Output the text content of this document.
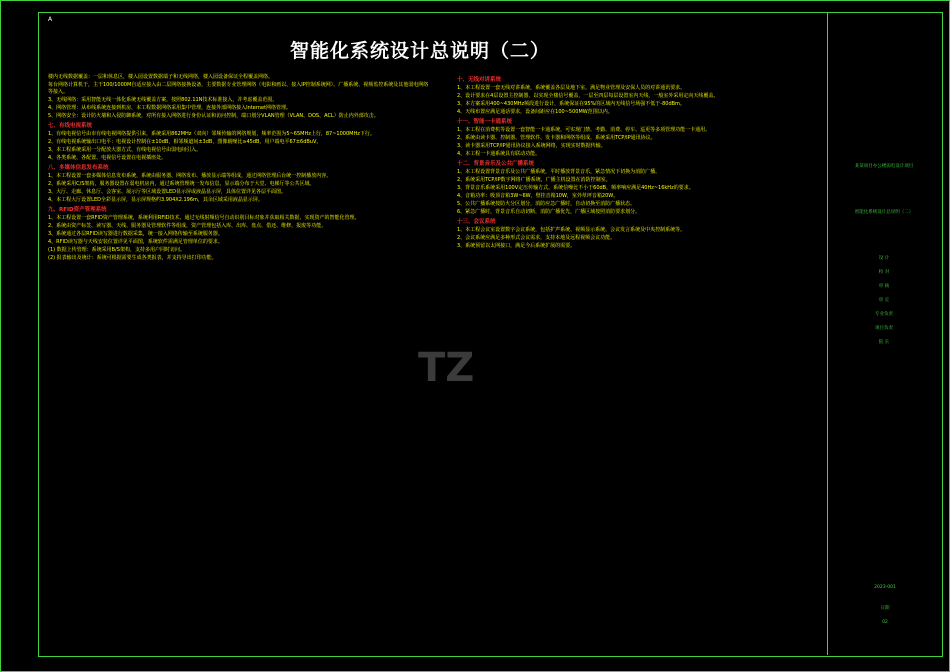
A
智能化系统设计总说明（二）
楼内无线数据覆盖：一层和休息区，楼入园设置数据端子和无线网络，楼入园设备保证全程覆盖网络。
每台网络计算机于，主干100/1000M自适应接入由二层网络接换设备，主要数据专业管理网络（电影和画以、接入IP控制系统网）、广播系统、视频监控系统及其他弱电网络等接入。
3、无线网络：采用智能无线一体化系统无线覆盖方案，按照802.11N技术标准接入，并考虑覆盖范围。
4、网络管理：从布线系统连接到机房，本工程数据网络采用集中管理，连接外部网络接入Internet网络管理。
5、网络安全：设计防火墙和入侵防御系统，对所有接入网络进行身份认证和访问控制，端口划分VLAN管理（VLAN、DOS、ACL）防止内外部攻击。
七、有线电视系统
1、有线电视信号由市有线电视网络提供引来，系统采用862MHz（双向）邻频传输的网络规划，频率范围为5~65MHz上行，87~1000MHz下行。
2、有线电视系统输出口电平：电视设计控制在±10dB，相邻频道间±3dB，图像载噪比≥45dB，用户端电平67±6dBuV。
3、本工程系统采用一分配放大器方式，有线电视信号由弱电间引入。
4、各类系统、各配置、电视信号设置在电视插座处。
八、多媒体信息发布系统
1、本工程设置一套多媒体信息发布系统，系统由服务器、网络发布、播放显示端等组成，通过网络管理后台统一控制播放内容。
2、系统采用C/S架构，服务器设置在弱电机房内，通过系统管理统一发布信息，显示端分布于大堂、电梯厅等公共区域。
3、大厅、走廊、休息厅、会客室、展示厅等区域设置LED显示屏或液晶显示屏，具体位置详见各层平面图。
4、本工程大厅设置LED全彩显示屏，显示屏规格约3.904X2.196m，其余区域采用液晶显示屏。
九、RFID资产管理系统
1、本工程设置一套RFID资产管理系统，系统利用RFID技术，通过无线射频信号自动识别目标对象并获取相关数据，实现资产的智能化管理。
2、系统由资产标签、读写器、天线、服务器及管理软件等组成，资产管理包括入库、出库、盘点、借还、维修、报废等功能。
3、系统通过各层RFID读写器进行数据采集，统一接入网络传输至系统服务器。
4、RFID读写器与天线安装位置详见平面图，系统软件需满足管理单位的要求。
(1) 数据上传管理：系统采用B/S架构，支持多用户同时访问。
(2) 报表输出及统计：系统可根据需要生成各类报表，并支持导出打印功能。
十、无线对讲系统
1、本工程设置一套无线对讲系统，系统覆盖各层及地下室，满足物业管理及安保人员的对讲通讯要求。
2、设计要求在4层设置主控制器，以实现全楼信号覆盖，一层至四层每层设置室内天线，一般室外采用定向天线覆盖。
3、本方案采用400~430MHz频段进行设计，系统保证在95%的区域内无线信号场强不低于-80dBm。
4、天线布置应满足通话要求，设备间距应在100~500MW范围以内。
十一、智能一卡通系统
1、本工程在消费机等设置一套智能一卡通系统，可实现门禁、考勤、消费、停车、巡更等多项管理功能一卡通用。
2、系统由读卡器、控制器、管理软件、发卡器和网络等组成，系统采用TCP/IP通讯协议。
3、读卡器采用TCP/IP通讯协议接入系统网络，实现实时数据传输。
4、本工程一卡通系统具有联动功能。
十二、背景音乐及公共广播系统
1、本工程设置背景音乐及公共广播系统，平时播放背景音乐，紧急情况下切换为消防广播。
2、系统采用TCP/IP数字网络广播系统，广播主机设置在消防控制室。
3、背景音乐系统采用100V定压传输方式，系统信噪比不小于60dB，频率响应满足40Hz~16kHz的要求。
4、音箱功率：吸顶音箱3W~6W，壁挂音箱10W，室外草坪音箱20W。
5、公共广播系统按防火分区划分，消防应急广播时，自动切换至消防广播状态。
6、紧急广播时，背景音乐自动切断，消防广播优先，广播区域按照消防要求划分。
十三、会议系统
1、本工程会议室设置数字会议系统，包括扩声系统、视频显示系统、会议发言系统及中央控制系统等。
2、会议系统应满足多种形式会议需求，支持本地及远程视频会议功能。
3、系统预留以太网接口，满足今后系统扩展的需要。
TZ
某某项目办公楼弱电设计项目
智能化系统设计总说明（二）
设 计
校 对
审 核
审 定
专业负责
项目负责
院 长
2023-001
日期
02
